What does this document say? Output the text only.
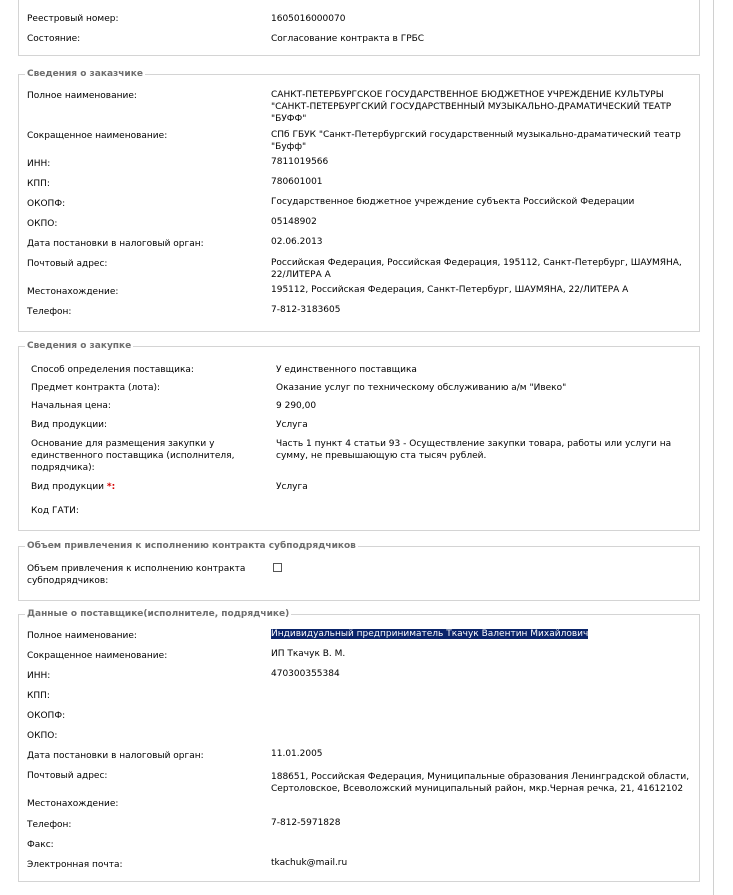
Реестровый номер:	1605016000070
Состояние:	Согласование контракта в ГРБС
Сведения о заказчике
Полное наименование:	САНКТ-ПЕТЕРБУРГСКОЕ ГОСУДАРСТВЕННОЕ БЮДЖЕТНОЕ УЧРЕЖДЕНИЕ КУЛЬТУРЫ "САНКТ-ПЕТЕРБУРГСКИЙ ГОСУДАРСТВЕННЫЙ МУЗЫКАЛЬНО-ДРАМАТИЧЕСКИЙ ТЕАТР "БУФФ"
Сокращенное наименование:	СПб ГБУК "Санкт-Петербургский государственный музыкально-драматический театр "Буфф"
ИНН:	7811019566
КПП:	780601001
ОКОПФ:	Государственное бюджетное учреждение субъекта Российской Федерации
ОКПО:	05148902
Дата постановки в налоговый орган:	02.06.2013
Почтовый адрес:	Российская Федерация, Российская Федерация, 195112, Санкт-Петербург, ШАУМЯНА, 22/ЛИТЕРА А
Местонахождение:	195112, Российская Федерация, Санкт-Петербург, ШАУМЯНА, 22/ЛИТЕРА А
Телефон:	7-812-3183605
Сведения о закупке
Способ определения поставщика:	У единственного поставщика
Предмет контракта (лота):	Оказание услуг по техническому обслуживанию а/м "Ивеко"
Начальная цена:	9 290,00
Вид продукции:	Услуга
Основание для размещения закупки у единственного поставщика (исполнителя, подрядчика):
Часть 1 пункт 4 статьи 93 - Осуществление закупки товара, работы или услуги на сумму, не превышающую ста тысяч рублей.
Вид продукции *:	Услуга
Код ГАТИ:
Объем привлечения к исполнению контракта субподрядчиков
Объем привлечения к исполнению контракта субподрядчиков:
Данные о поставщике(исполнителе, подрядчике)
Полное наименование:	Индивидуальный предприниматель Ткачук Валентин Михайлович
Сокращенное наименование:	ИП Ткачук В. М.
ИНН:	470300355384
КПП:
ОКОПФ:
ОКПО:
Дата постановки в налоговый орган:	11.01.2005
Почтовый адрес:	188651, Российская Федерация, Муниципальные образования Ленинградской области, Сертоловское, Всеволожский муниципальный район, мкр.Черная речка, 21, 41612102
Местонахождение:
Телефон:	7-812-5971828
Факс:
Электронная почта:	tkachuk@mail.ru
